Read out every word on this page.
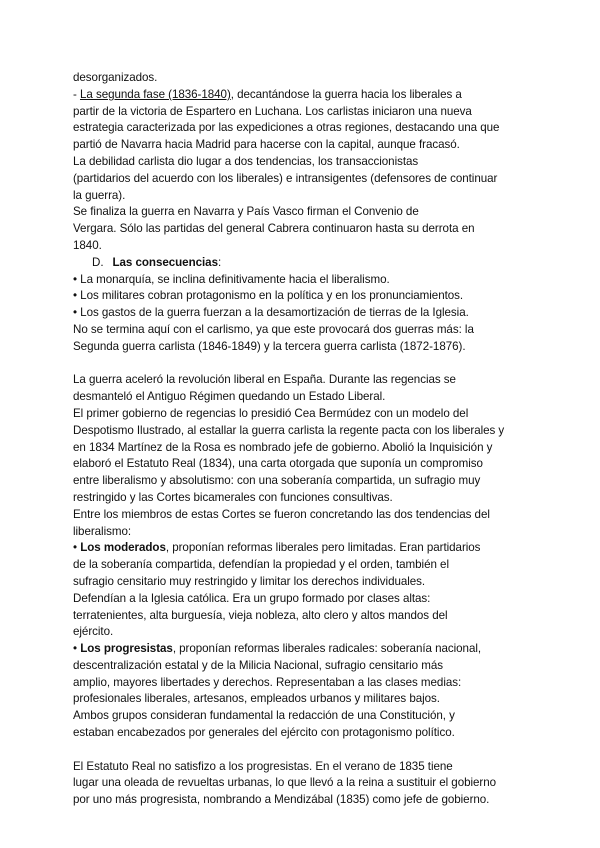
desorganizados.
- La segunda fase (1836-1840), decantándose la guerra hacia los liberales a
partir de la victoria de Espartero en Luchana. Los carlistas iniciaron una nueva
estrategia caracterizada por las expediciones a otras regiones, destacando una que
partió de Navarra hacia Madrid para hacerse con la capital, aunque fracasó.
La debilidad carlista dio lugar a dos tendencias, los transaccionistas
(partidarios del acuerdo con los liberales) e intransigentes (defensores de continuar
la guerra).
Se finaliza la guerra en Navarra y País Vasco firman el Convenio de
Vergara. Sólo las partidas del general Cabrera continuaron hasta su derrota en
1840.
D. Las consecuencias:
• La monarquía, se inclina definitivamente hacia el liberalismo.
• Los militares cobran protagonismo en la política y en los pronunciamientos.
• Los gastos de la guerra fuerzan a la desamortización de tierras de la Iglesia.
No se termina aquí con el carlismo, ya que este provocará dos guerras más: la
Segunda guerra carlista (1846-1849) y la tercera guerra carlista (1872-1876).
La guerra aceleró la revolución liberal en España. Durante las regencias se
desmanteló el Antiguo Régimen quedando un Estado Liberal.
El primer gobierno de regencias lo presidió Cea Bermúdez con un modelo del
Despotismo Ilustrado, al estallar la guerra carlista la regente pacta con los liberales y
en 1834 Martínez de la Rosa es nombrado jefe de gobierno. Abolió la Inquisición y
elaboró el Estatuto Real (1834), una carta otorgada que suponía un compromiso
entre liberalismo y absolutismo: con una soberanía compartida, un sufragio muy
restringido y las Cortes bicamerales con funciones consultivas.
Entre los miembros de estas Cortes se fueron concretando las dos tendencias del
liberalismo:
• Los moderados, proponían reformas liberales pero limitadas. Eran partidarios
de la soberanía compartida, defendían la propiedad y el orden, también el
sufragio censitario muy restringido y limitar los derechos individuales.
Defendían a la Iglesia católica. Era un grupo formado por clases altas:
terratenientes, alta burguesía, vieja nobleza, alto clero y altos mandos del
ejército.
• Los progresistas, proponían reformas liberales radicales: soberanía nacional,
descentralización estatal y de la Milicia Nacional, sufragio censitario más
amplio, mayores libertades y derechos. Representaban a las clases medias:
profesionales liberales, artesanos, empleados urbanos y militares bajos.
Ambos grupos consideran fundamental la redacción de una Constitución, y
estaban encabezados por generales del ejército con protagonismo político.
El Estatuto Real no satisfizo a los progresistas. En el verano de 1835 tiene
lugar una oleada de revueltas urbanas, lo que llevó a la reina a sustituir el gobierno
por uno más progresista, nombrando a Mendizábal (1835) como jefe de gobierno.
